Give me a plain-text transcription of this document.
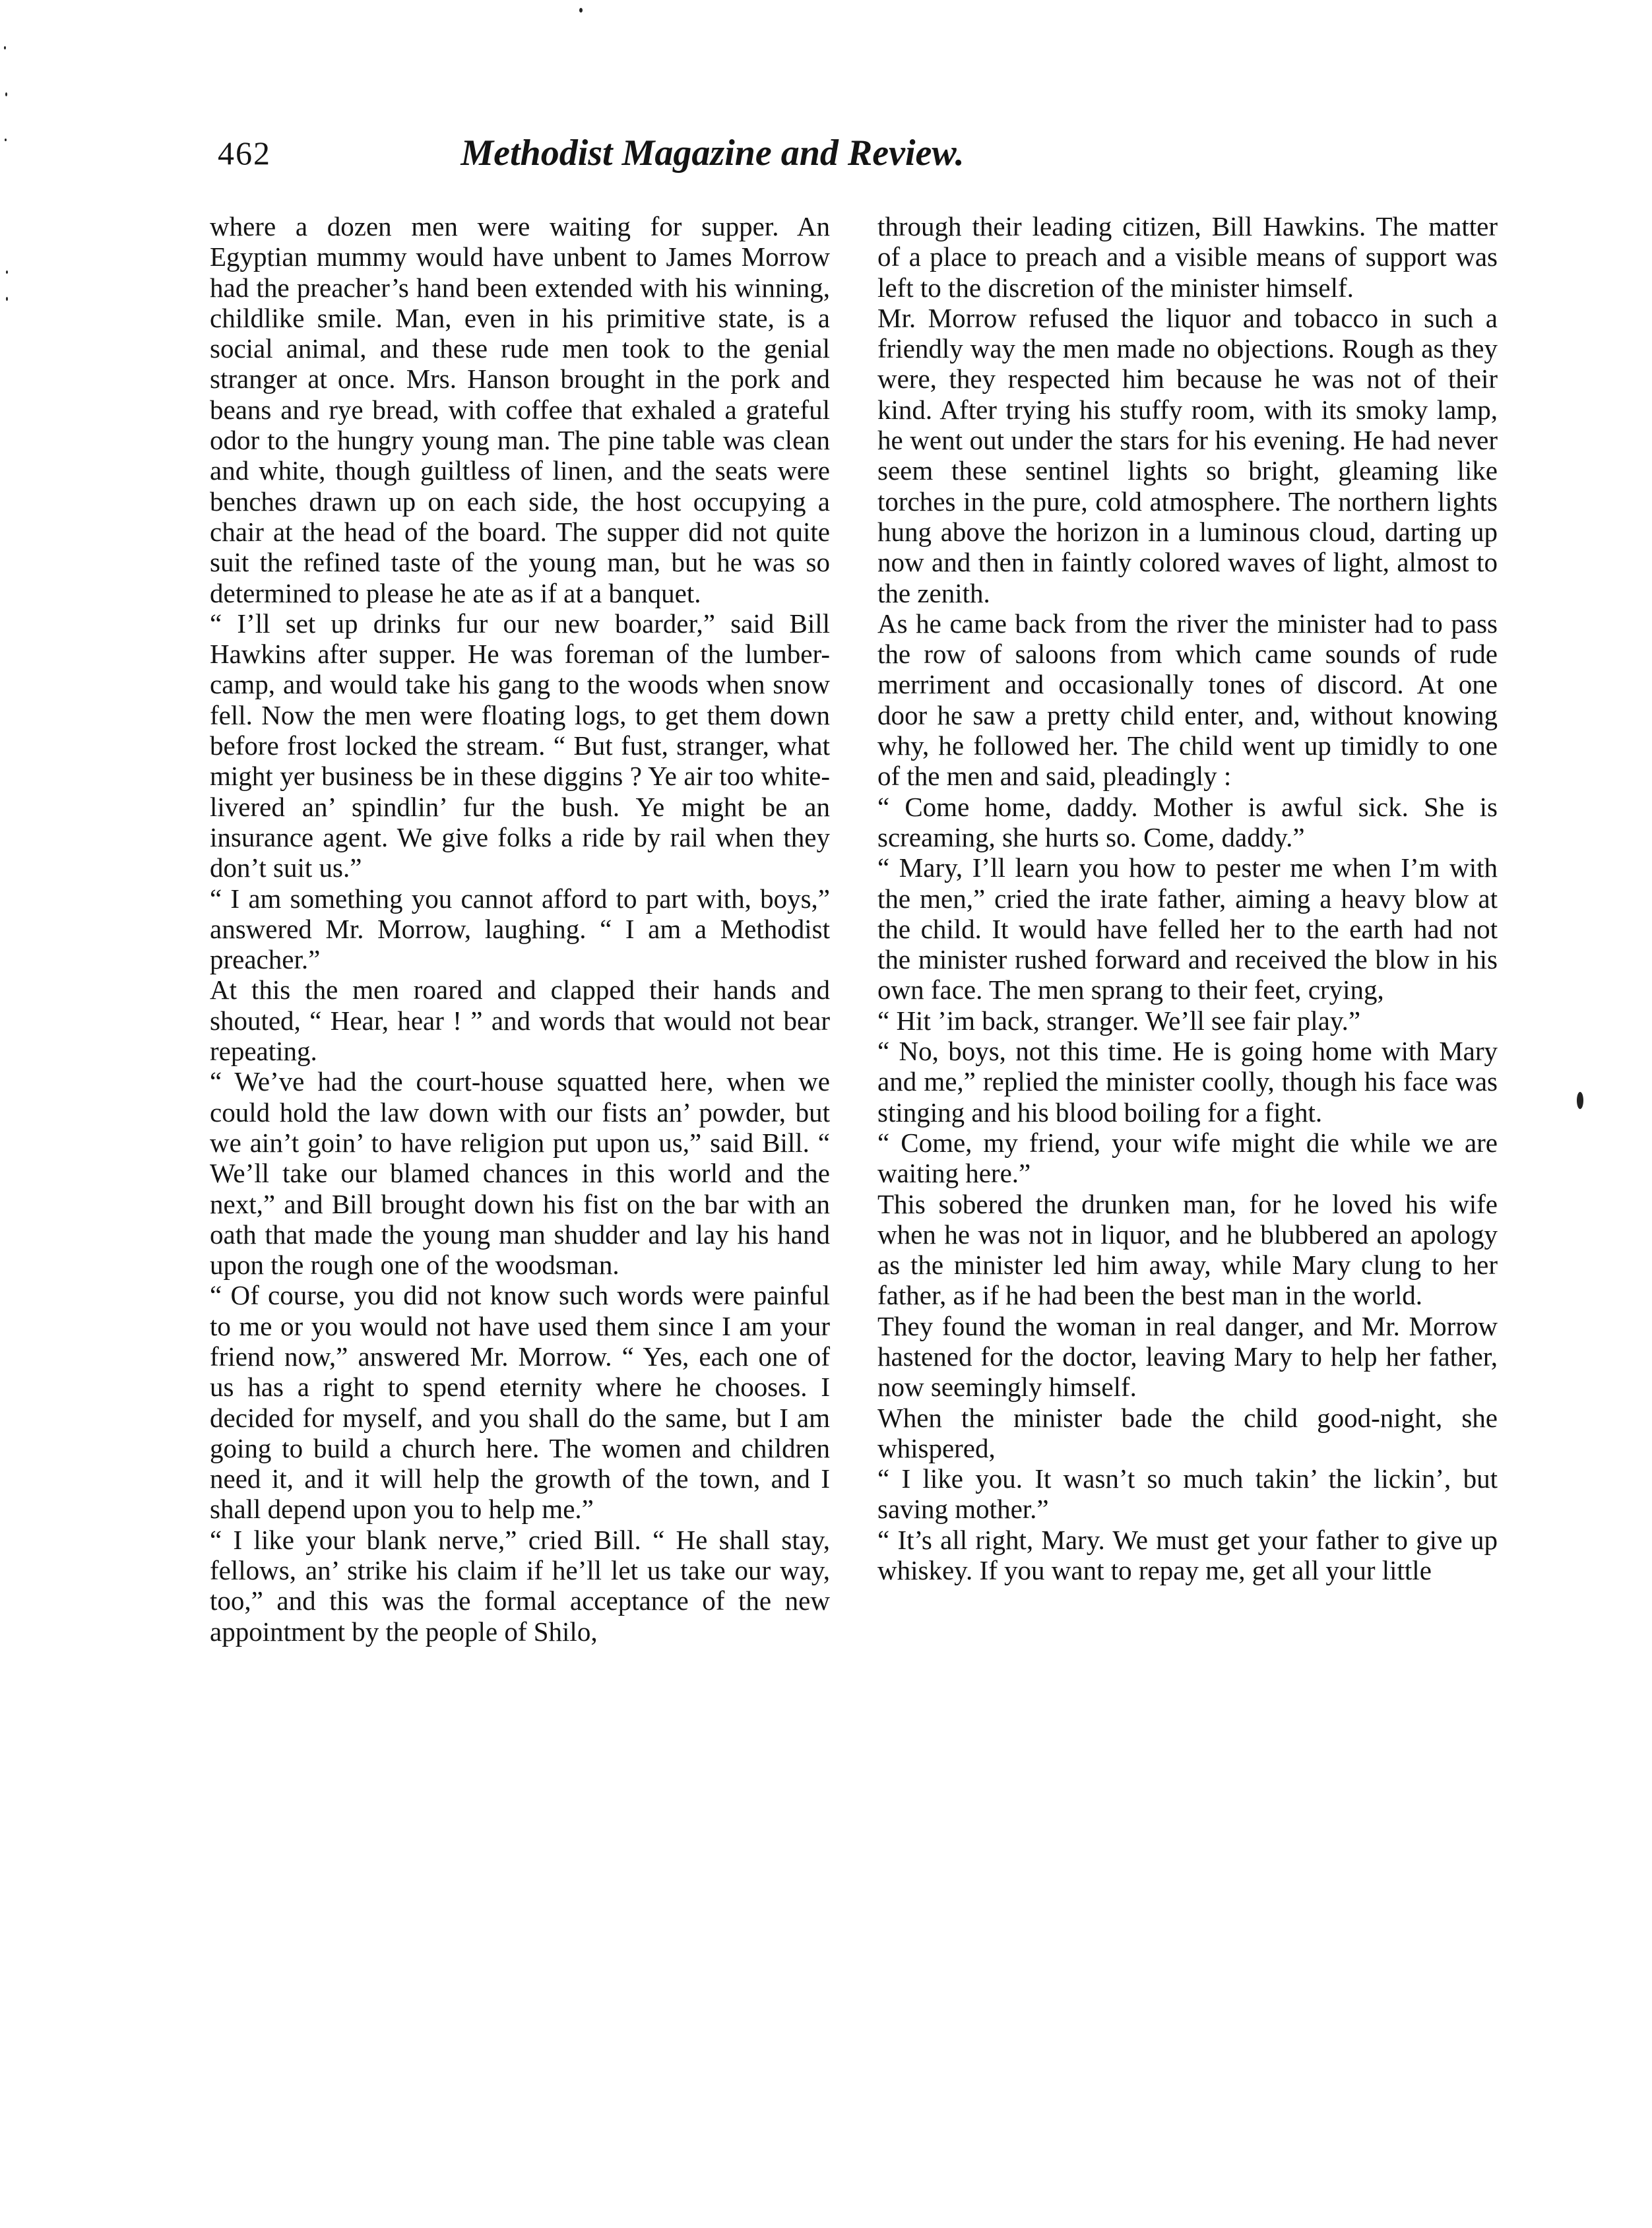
462	Methodist Magazine and Review.

where a dozen men were waiting for supper. An Egyptian mummy would have unbent to James Morrow had the preacher’s hand been extended with his winning, childlike smile. Man, even in his primitive state, is a social animal, and these rude men took to the genial stranger at once. Mrs. Hanson brought in the pork and beans and rye bread, with coffee that exhaled a grateful odor to the hungry young man. The pine table was clean and white, though guiltless of linen, and the seats were benches drawn up on each side, the host occupying a chair at the head of the board. The supper did not quite suit the refined taste of the young man, but he was so determined to please he ate as if at a banquet.

“ I’ll set up drinks fur our new boarder,” said Bill Hawkins after supper. He was foreman of the lumber-camp, and would take his gang to the woods when snow fell. Now the men were floating logs, to get them down before frost locked the stream. “ But fust, stranger, what might yer business be in these diggins ? Ye air too white-livered an’ spindlin’ fur the bush. Ye might be an insurance agent. We give folks a ride by rail when they don’t suit us.”

“ I am something you cannot afford to part with, boys,” answered Mr. Morrow, laughing. “ I am a Methodist preacher.”

At this the men roared and clapped their hands and shouted, “ Hear, hear ! ” and words that would not bear repeating.

“ We’ve had the court-house squatted here, when we could hold the law down with our fists an’ powder, but we ain’t goin’ to have religion put upon us,” said Bill. “ We’ll take our blamed chances in this world and the next,” and Bill brought down his fist on the bar with an oath that made the young man shudder and lay his hand upon the rough one of the woodsman.

“ Of course, you did not know such words were painful to me or you would not have used them since I am your friend now,” answered Mr. Morrow. “ Yes, each one of us has a right to spend eternity where he chooses. I decided for myself, and you shall do the same, but I am going to build a church here. The women and children need it, and it will help the growth of the town, and I shall depend upon you to help me.”

“ I like your blank nerve,” cried Bill. “ He shall stay, fellows, an’ strike his claim if he’ll let us take our way, too,” and this was the formal acceptance of the new appointment by the people of Shilo,

through their leading citizen, Bill Hawkins. The matter of a place to preach and a visible means of support was left to the discretion of the minister himself.

Mr. Morrow refused the liquor and tobacco in such a friendly way the men made no objections. Rough as they were, they respected him because he was not of their kind. After trying his stuffy room, with its smoky lamp, he went out under the stars for his evening. He had never seem these sentinel lights so bright, gleaming like torches in the pure, cold atmosphere. The northern lights hung above the horizon in a luminous cloud, darting up now and then in faintly colored waves of light, almost to the zenith.

As he came back from the river the minister had to pass the row of saloons from which came sounds of rude merriment and occasionally tones of discord. At one door he saw a pretty child enter, and, without knowing why, he followed her. The child went up timidly to one of the men and said, pleadingly :

“ Come home, daddy. Mother is awful sick. She is screaming, she hurts so. Come, daddy.”

“ Mary, I’ll learn you how to pester me when I’m with the men,” cried the irate father, aiming a heavy blow at the child. It would have felled her to the earth had not the minister rushed forward and received the blow in his own face. The men sprang to their feet, crying,

“ Hit ’im back, stranger. We’ll see fair play.”

“ No, boys, not this time. He is going home with Mary and me,” replied the minister coolly, though his face was stinging and his blood boiling for a fight.

“ Come, my friend, your wife might die while we are waiting here.”

This sobered the drunken man, for he loved his wife when he was not in liquor, and he blubbered an apology as the minister led him away, while Mary clung to her father, as if he had been the best man in the world.

They found the woman in real danger, and Mr. Morrow hastened for the doctor, leaving Mary to help her father, now seemingly himself.

When the minister bade the child good-night, she whispered,

“ I like you. It wasn’t so much takin’ the lickin’, but saving mother.”

“ It’s all right, Mary. We must get your father to give up whiskey. If you want to repay me, get all your little
